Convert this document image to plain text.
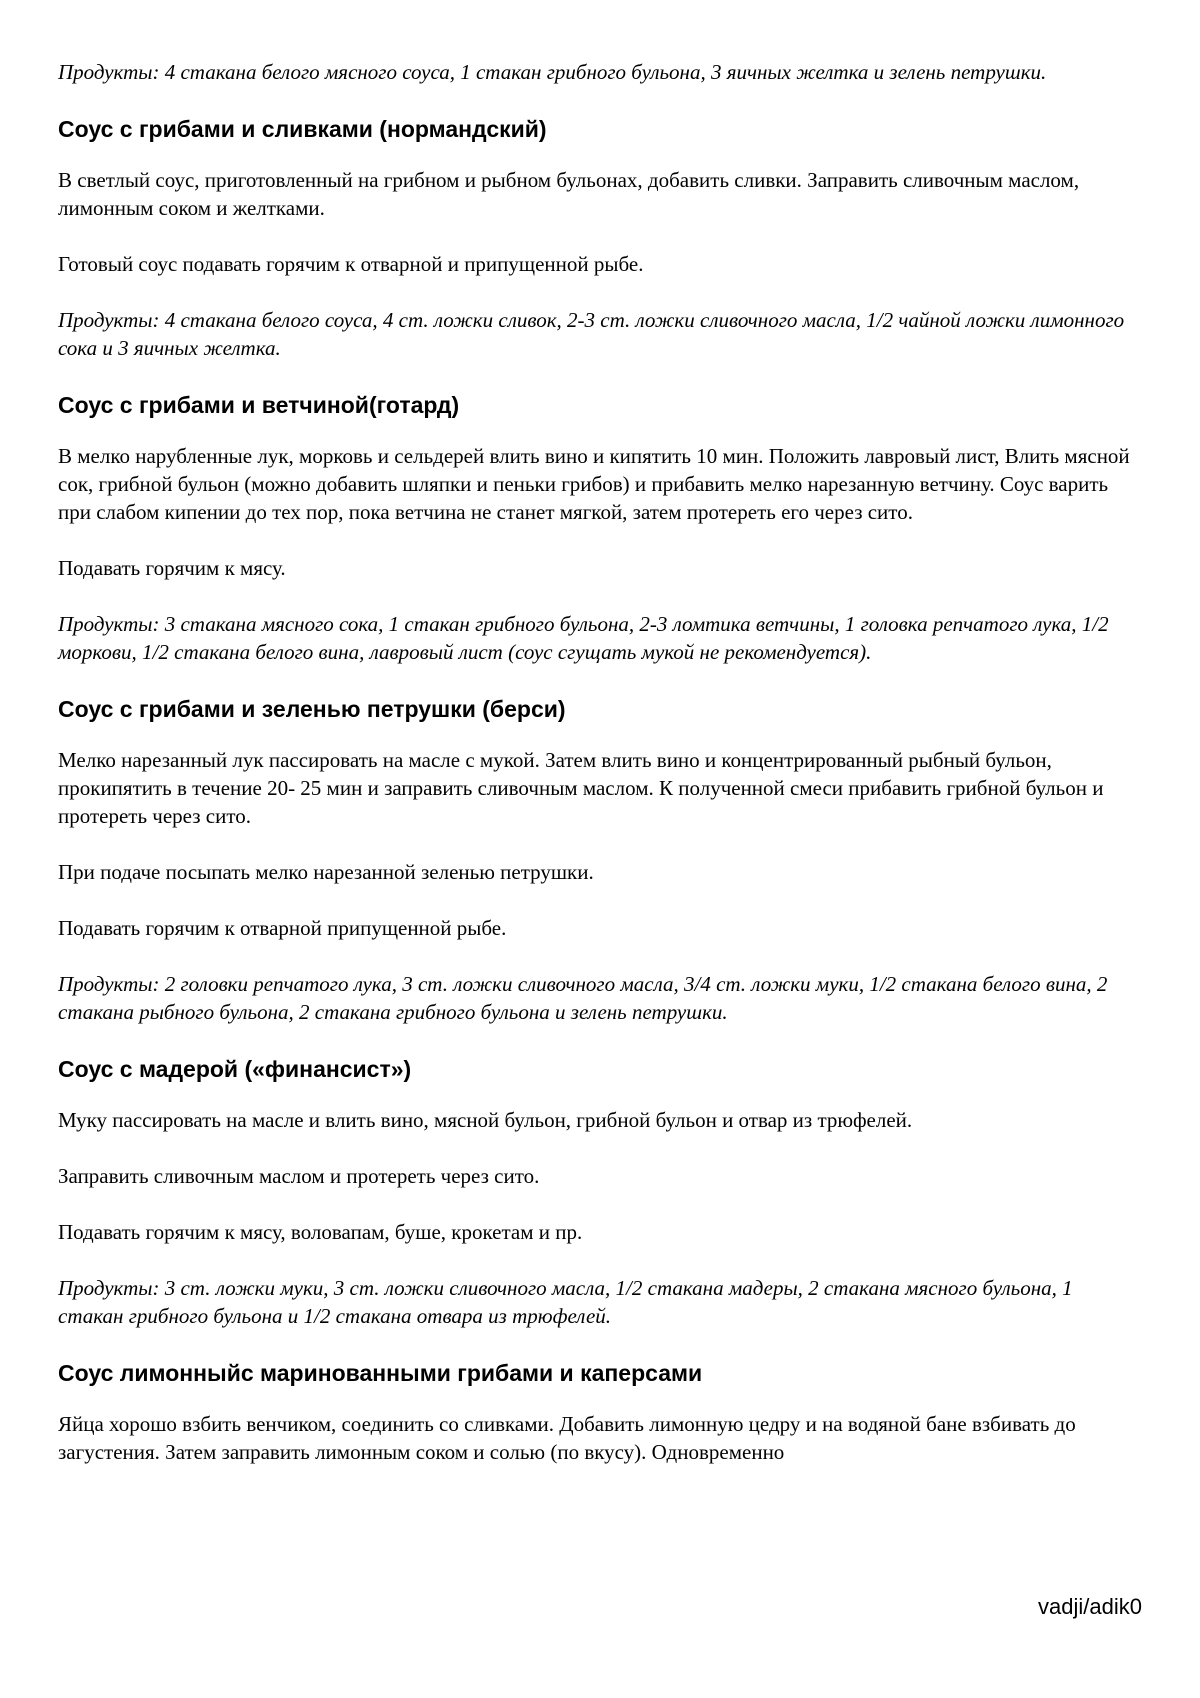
Продукты: 4 стакана белого мясного соуса, 1 стакан грибного бульона, 3 яичных желтка и зелень петрушки.

Соус с грибами и сливками (нормандский)

В светлый соус, приготовленный на грибном и рыбном бульонах, добавить сливки. Заправить сливочным маслом, лимонным соком и желтками.

Готовый соус подавать горячим к отварной и припущенной рыбе.

Продукты: 4 стакана белого соуса, 4 ст. ложки сливок, 2-3 ст. ложки сливочного масла, 1/2 чайной ложки лимонного сока и 3 яичных желтка.

Соус с грибами и ветчиной(готард)

В мелко нарубленные лук, морковь и сельдерей влить вино и кипятить 10 мин. Положить лавровый лист, Влить мясной сок, грибной бульон (можно добавить шляпки и пеньки грибов) и прибавить мелко нарезанную ветчину. Соус варить при слабом кипении до тех пор, пока ветчина не станет мягкой, затем протереть его через сито.

Подавать горячим к мясу.

Продукты: 3 стакана мясного сока, 1 стакан грибного бульона, 2-3 ломтика ветчины, 1 головка репчатого лука, 1/2 моркови, 1/2 стакана белого вина, лавровый лист (соус сгущать мукой не рекомендуется).

Соус с грибами и зеленью петрушки (берси)

Мелко нарезанный лук пассировать на масле с мукой. Затем влить вино и концентрированный рыбный бульон, прокипятить в течение 20- 25 мин и заправить сливочным маслом. К полученной смеси прибавить грибной бульон и протереть через сито.

При подаче посыпать мелко нарезанной зеленью петрушки.

Подавать горячим к отварной припущенной рыбе.

Продукты: 2 головки репчатого лука, 3 ст. ложки сливочного масла, 3/4 ст. ложки муки, 1/2 стакана белого вина, 2 стакана рыбного бульона, 2 стакана грибного бульона и зелень петрушки.

Соус с мадерой («финансист»)

Муку пассировать на масле и влить вино, мясной бульон, грибной бульон и отвар из трюфелей.

Заправить сливочным маслом и протереть через сито.

Подавать горячим к мясу, воловапам, буше, крокетам и пр.

Продукты: 3 ст. ложки муки, 3 ст. ложки сливочного масла, 1/2 стакана мадеры, 2 стакана мясного бульона, 1 стакан грибного бульона и 1/2 стакана отвара из трюфелей.

Соус лимонныйс маринованными грибами и каперсами

Яйца хорошо взбить венчиком, соединить со сливками. Добавить лимонную цедру и на водяной бане взбивать до загустения. Затем заправить лимонным соком и солью (по вкусу). Одновременно

vadji/adik0
